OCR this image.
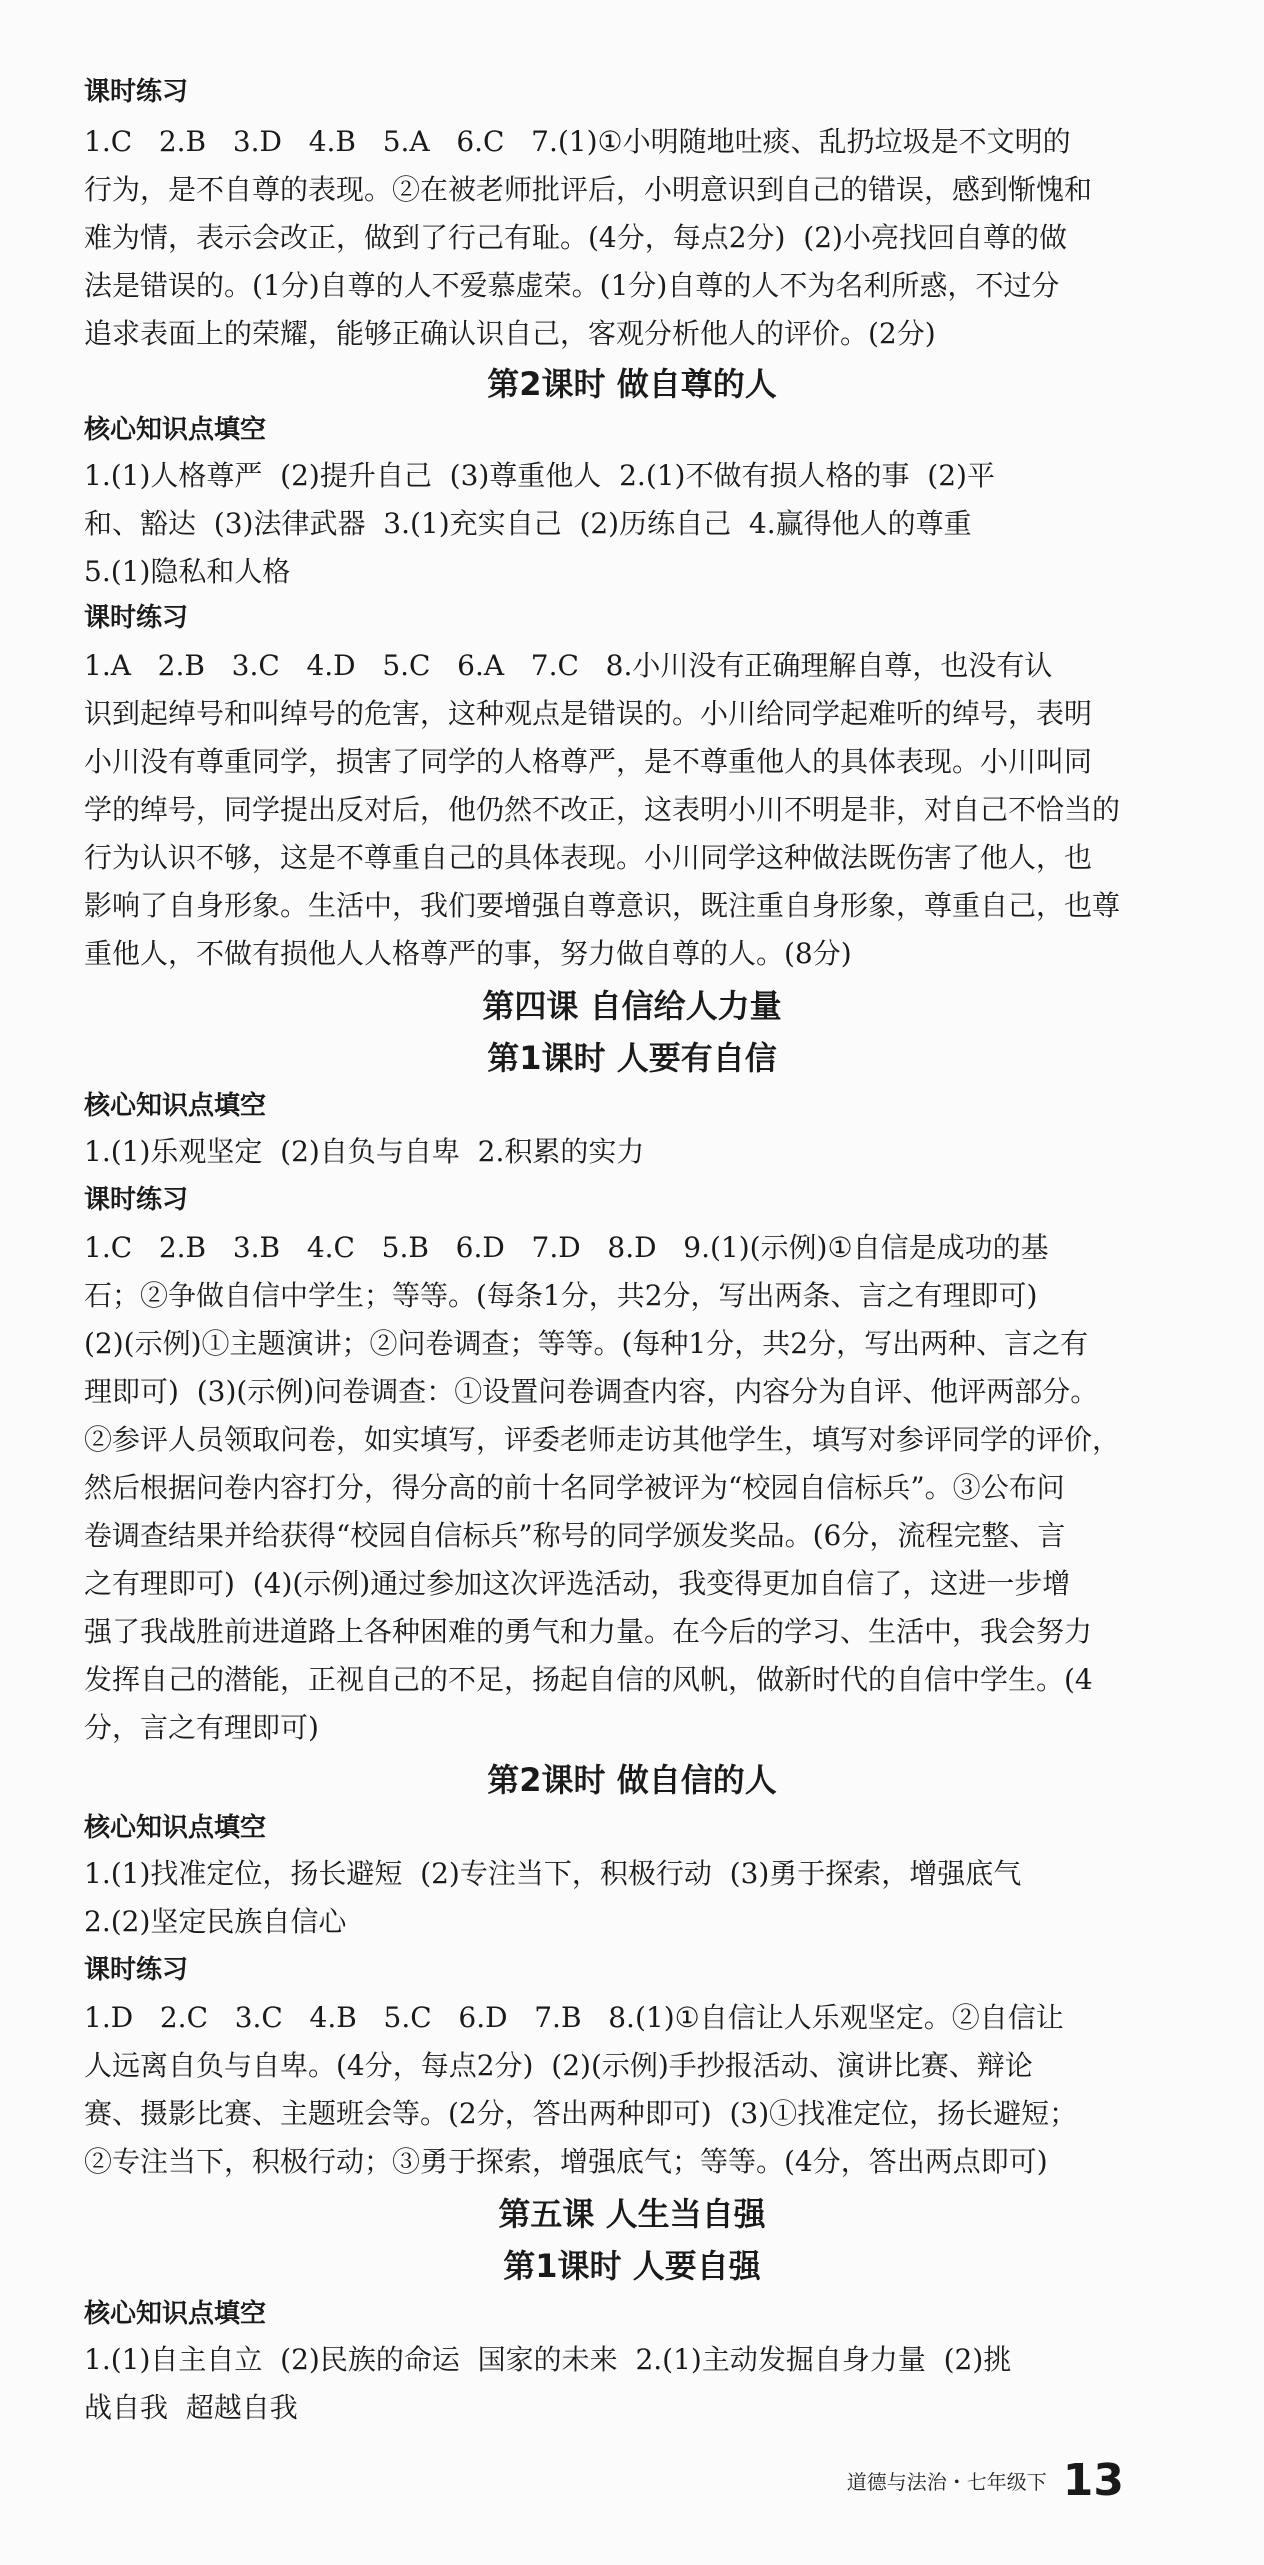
课时练习
1.C   2.B   3.D   4.B   5.A   6.C   7.(1)①小明随地吐痰、乱扔垃圾是不文明的
行为，是不自尊的表现。②在被老师批评后，小明意识到自己的错误，感到惭愧和
难为情，表示会改正，做到了行己有耻。(4分，每点2分)  (2)小亮找回自尊的做
法是错误的。(1分)自尊的人不爱慕虚荣。(1分)自尊的人不为名利所惑，不过分
追求表面上的荣耀，能够正确认识自己，客观分析他人的评价。(2分)
第2课时 做自尊的人
核心知识点填空
1.(1)人格尊严  (2)提升自己  (3)尊重他人  2.(1)不做有损人格的事  (2)平
和、豁达  (3)法律武器  3.(1)充实自己  (2)历练自己  4.赢得他人的尊重
5.(1)隐私和人格
课时练习
1.A   2.B   3.C   4.D   5.C   6.A   7.C   8.小川没有正确理解自尊，也没有认
识到起绰号和叫绰号的危害，这种观点是错误的。小川给同学起难听的绰号，表明
小川没有尊重同学，损害了同学的人格尊严，是不尊重他人的具体表现。小川叫同
学的绰号，同学提出反对后，他仍然不改正，这表明小川不明是非，对自己不恰当的
行为认识不够，这是不尊重自己的具体表现。小川同学这种做法既伤害了他人，也
影响了自身形象。生活中，我们要增强自尊意识，既注重自身形象，尊重自己，也尊
重他人，不做有损他人人格尊严的事，努力做自尊的人。(8分)
第四课 自信给人力量
第1课时 人要有自信
核心知识点填空
1.(1)乐观坚定  (2)自负与自卑  2.积累的实力
课时练习
1.C   2.B   3.B   4.C   5.B   6.D   7.D   8.D   9.(1)(示例)①自信是成功的基
石；②争做自信中学生；等等。(每条1分，共2分，写出两条、言之有理即可)
(2)(示例)①主题演讲；②问卷调查；等等。(每种1分，共2分，写出两种、言之有
理即可)  (3)(示例)问卷调查：①设置问卷调查内容，内容分为自评、他评两部分。
②参评人员领取问卷，如实填写，评委老师走访其他学生，填写对参评同学的评价，
然后根据问卷内容打分，得分高的前十名同学被评为“校园自信标兵”。③公布问
卷调查结果并给获得“校园自信标兵”称号的同学颁发奖品。(6分，流程完整、言
之有理即可)  (4)(示例)通过参加这次评选活动，我变得更加自信了，这进一步增
强了我战胜前进道路上各种困难的勇气和力量。在今后的学习、生活中，我会努力
发挥自己的潜能，正视自己的不足，扬起自信的风帆，做新时代的自信中学生。(4
分，言之有理即可)
第2课时 做自信的人
核心知识点填空
1.(1)找准定位，扬长避短  (2)专注当下，积极行动  (3)勇于探索，增强底气
2.(2)坚定民族自信心
课时练习
1.D   2.C   3.C   4.B   5.C   6.D   7.B   8.(1)①自信让人乐观坚定。②自信让
人远离自负与自卑。(4分，每点2分)  (2)(示例)手抄报活动、演讲比赛、辩论
赛、摄影比赛、主题班会等。(2分，答出两种即可)  (3)①找准定位，扬长避短；
②专注当下，积极行动；③勇于探索，增强底气；等等。(4分，答出两点即可)
第五课 人生当自强
第1课时 人要自强
核心知识点填空
1.(1)自主自立  (2)民族的命运  国家的未来  2.(1)主动发掘自身力量  (2)挑
战自我  超越自我
道德与法治・七年级下 13
